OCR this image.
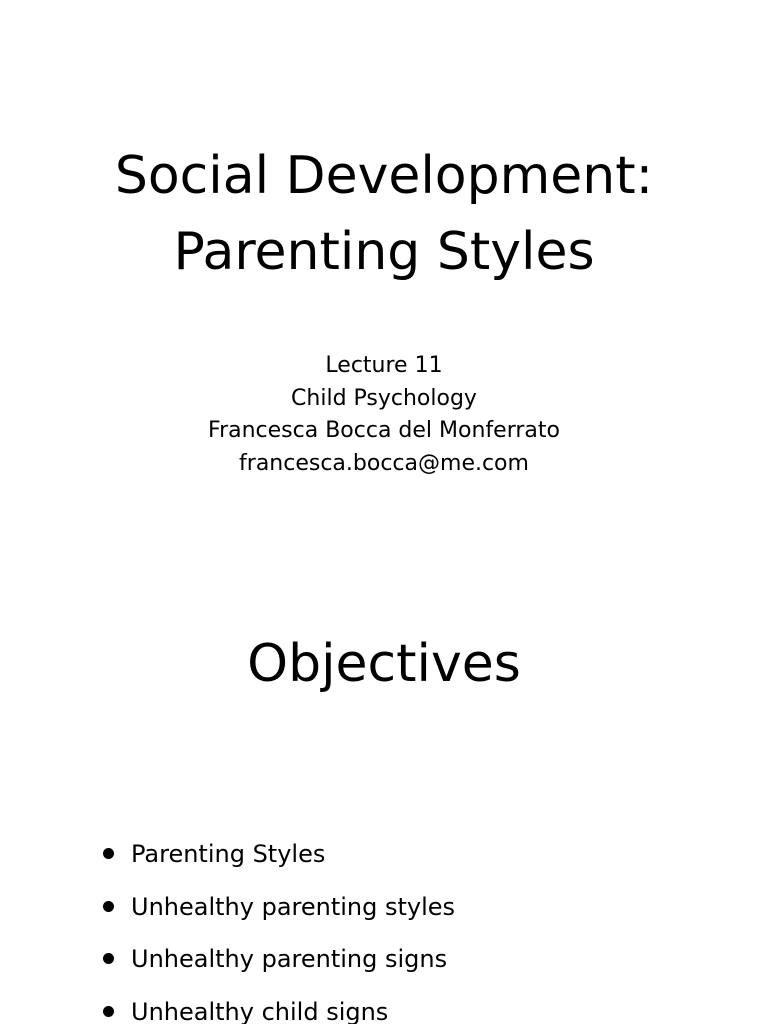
Social Development:
Parenting Styles
Lecture 11
Child Psychology
Francesca Bocca del Monferrato
francesca.bocca@me.com
Objectives
Parenting Styles
Unhealthy parenting styles
Unhealthy parenting signs
Unhealthy child signs
